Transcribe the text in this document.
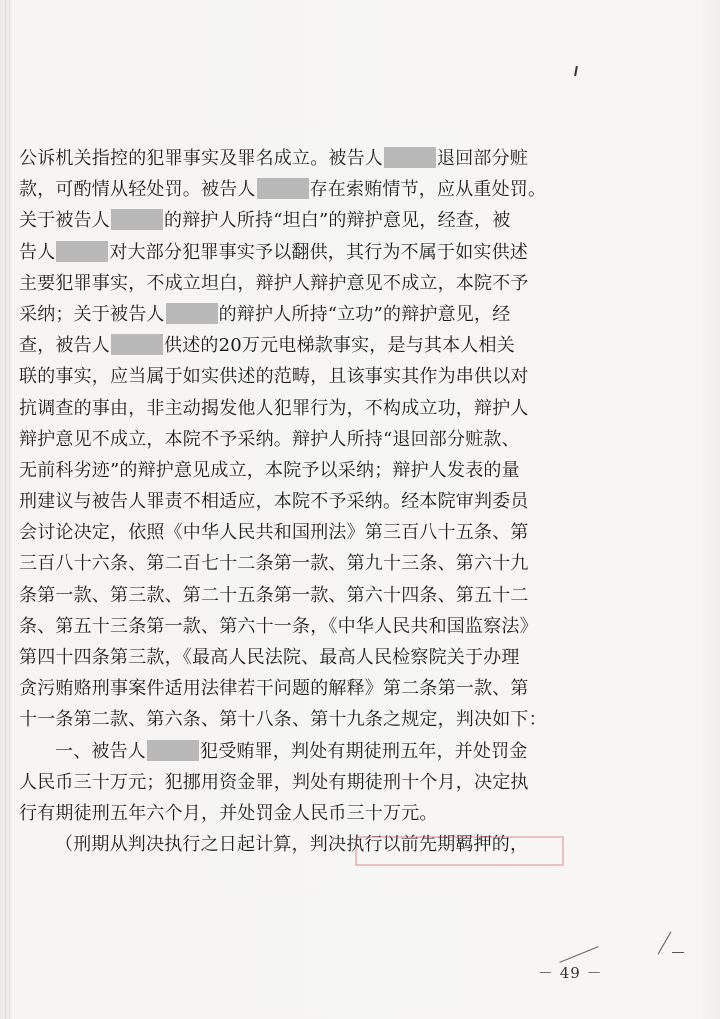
公诉机关指控的犯罪事实及罪名成立。被告人	退回部分赃
款，可酌情从轻处罚。被告人	存在索贿情节，应从重处罚。
关于被告人	的辩护人所持“坦白”的辩护意见，经查，被
告人	对大部分犯罪事实予以翻供，其行为不属于如实供述
主要犯罪事实，不成立坦白，辩护人辩护意见不成立，本院不予
采纳；关于被告人	的辩护人所持“立功”的辩护意见，经
查，被告人	供述的20万元电梯款事实，是与其本人相关
联的事实，应当属于如实供述的范畴，且该事实其作为串供以对
抗调查的事由，非主动揭发他人犯罪行为，不构成立功，辩护人
辩护意见不成立，本院不予采纳。辩护人所持“退回部分赃款、
无前科劣迹”的辩护意见成立，本院予以采纳；辩护人发表的量
刑建议与被告人罪责不相适应，本院不予采纳。经本院审判委员
会讨论决定，依照《中华人民共和国刑法》第三百八十五条、第
三百八十六条、第二百七十二条第一款、第九十三条、第六十九
条第一款、第三款、第二十五条第一款、第六十四条、第五十二
条、第五十三条第一款、第六十一条，《中华人民共和国监察法》
第四十四条第三款，《最高人民法院、最高人民检察院关于办理
贪污贿赂刑事案件适用法律若干问题的解释》第二条第一款、第
十一条第二款、第六条、第十八条、第十九条之规定，判决如下：
一、被告人	犯受贿罪，判处有期徒刑五年，并处罚金
人民币三十万元；犯挪用资金罪，判处有期徒刑十个月，决定执
行有期徒刑五年六个月，并处罚金人民币三十万元。
（刑期从判决执行之日起计算，判决执行以前先期羁押的，
－ 49 －
